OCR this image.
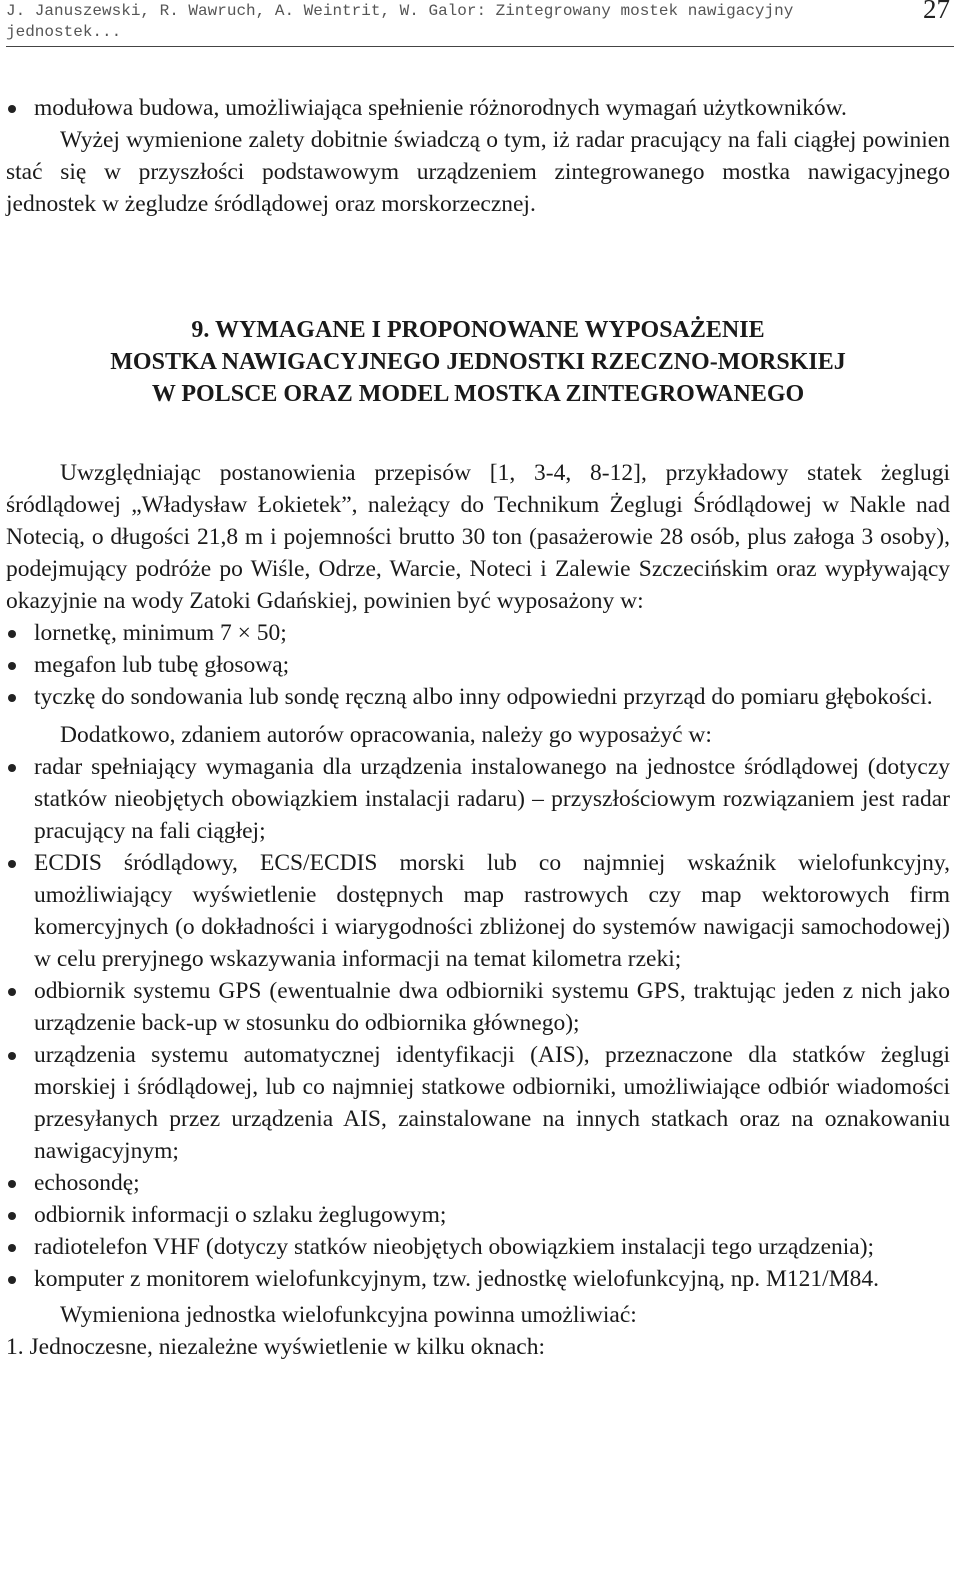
J. Januszewski, R. Wawruch, A. Weintrit, W. Galor: Zintegrowany mostek nawigacyjny jednostek...
27
modułowa budowa, umożliwiająca spełnienie różnorodnych wymagań użytkowników.

Wyżej wymienione zalety dobitnie świadczą o tym, iż radar pracujący na fali ciągłej powinien stać się w przyszłości podstawowym urządzeniem zintegrowanego mostka nawigacyjnego jednostek w żegludze śródlądowej oraz morskorzecznej.

9. WYMAGANE I PROPONOWANE WYPOSAŻENIE
MOSTKA NAWIGACYJNEGO JEDNOSTKI RZECZNO-MORSKIEJ
W POLSCE ORAZ MODEL MOSTKA ZINTEGROWANEGO

Uwzględniając postanowienia przepisów [1, 3-4, 8-12], przykładowy statek żeglugi śródlądowej „Władysław Łokietek”, należący do Technikum Żeglugi Śródlądowej w Nakle nad Notecią, o długości 21,8 m i pojemności brutto 30 ton (pasażerowie 28 osób, plus załoga 3 osoby), podejmujący podróże po Wiśle, Odrze, Warcie, Noteci i Zalewie Szczecińskim oraz wypływający okazyjnie na wody Zatoki Gdańskiej, powinien być wyposażony w:

lornetkę, minimum 7 × 50;
megafon lub tubę głosową;
tyczkę do sondowania lub sondę ręczną albo inny odpowiedni przyrząd do pomiaru głębokości.

Dodatkowo, zdaniem autorów opracowania, należy go wyposażyć w:

radar spełniający wymagania dla urządzenia instalowanego na jednostce śródlądowej (dotyczy statków nieobjętych obowiązkiem instalacji radaru) – przyszłościowym rozwiązaniem jest radar pracujący na fali ciągłej;
ECDIS śródlądowy, ECS/ECDIS morski lub co najmniej wskaźnik wielofunkcyjny, umożliwiający wyświetlenie dostępnych map rastrowych czy map wektorowych firm komercyjnych (o dokładności i wiarygodności zbliżonej do systemów nawigacji samochodowej) w celu preryjnego wskazywania informacji na temat kilometra rzeki;
odbiornik systemu GPS (ewentualnie dwa odbiorniki systemu GPS, traktując jeden z nich jako urządzenie back-up w stosunku do odbiornika głównego);
urządzenia systemu automatycznej identyfikacji (AIS), przeznaczone dla statków żeglugi morskiej i śródlądowej, lub co najmniej statkowe odbiorniki, umożliwiające odbiór wiadomości przesyłanych przez urządzenia AIS, zainstalowane na innych statkach oraz na oznakowaniu nawigacyjnym;
echosondę;
odbiornik informacji o szlaku żeglugowym;
radiotelefon VHF (dotyczy statków nieobjętych obowiązkiem instalacji tego urządzenia);
komputer z monitorem wielofunkcyjnym, tzw. jednostkę wielofunkcyjną, np. M121/M84.

Wymieniona jednostka wielofunkcyjna powinna umożliwiać:

1. Jednoczesne, niezależne wyświetlenie w kilku oknach:
